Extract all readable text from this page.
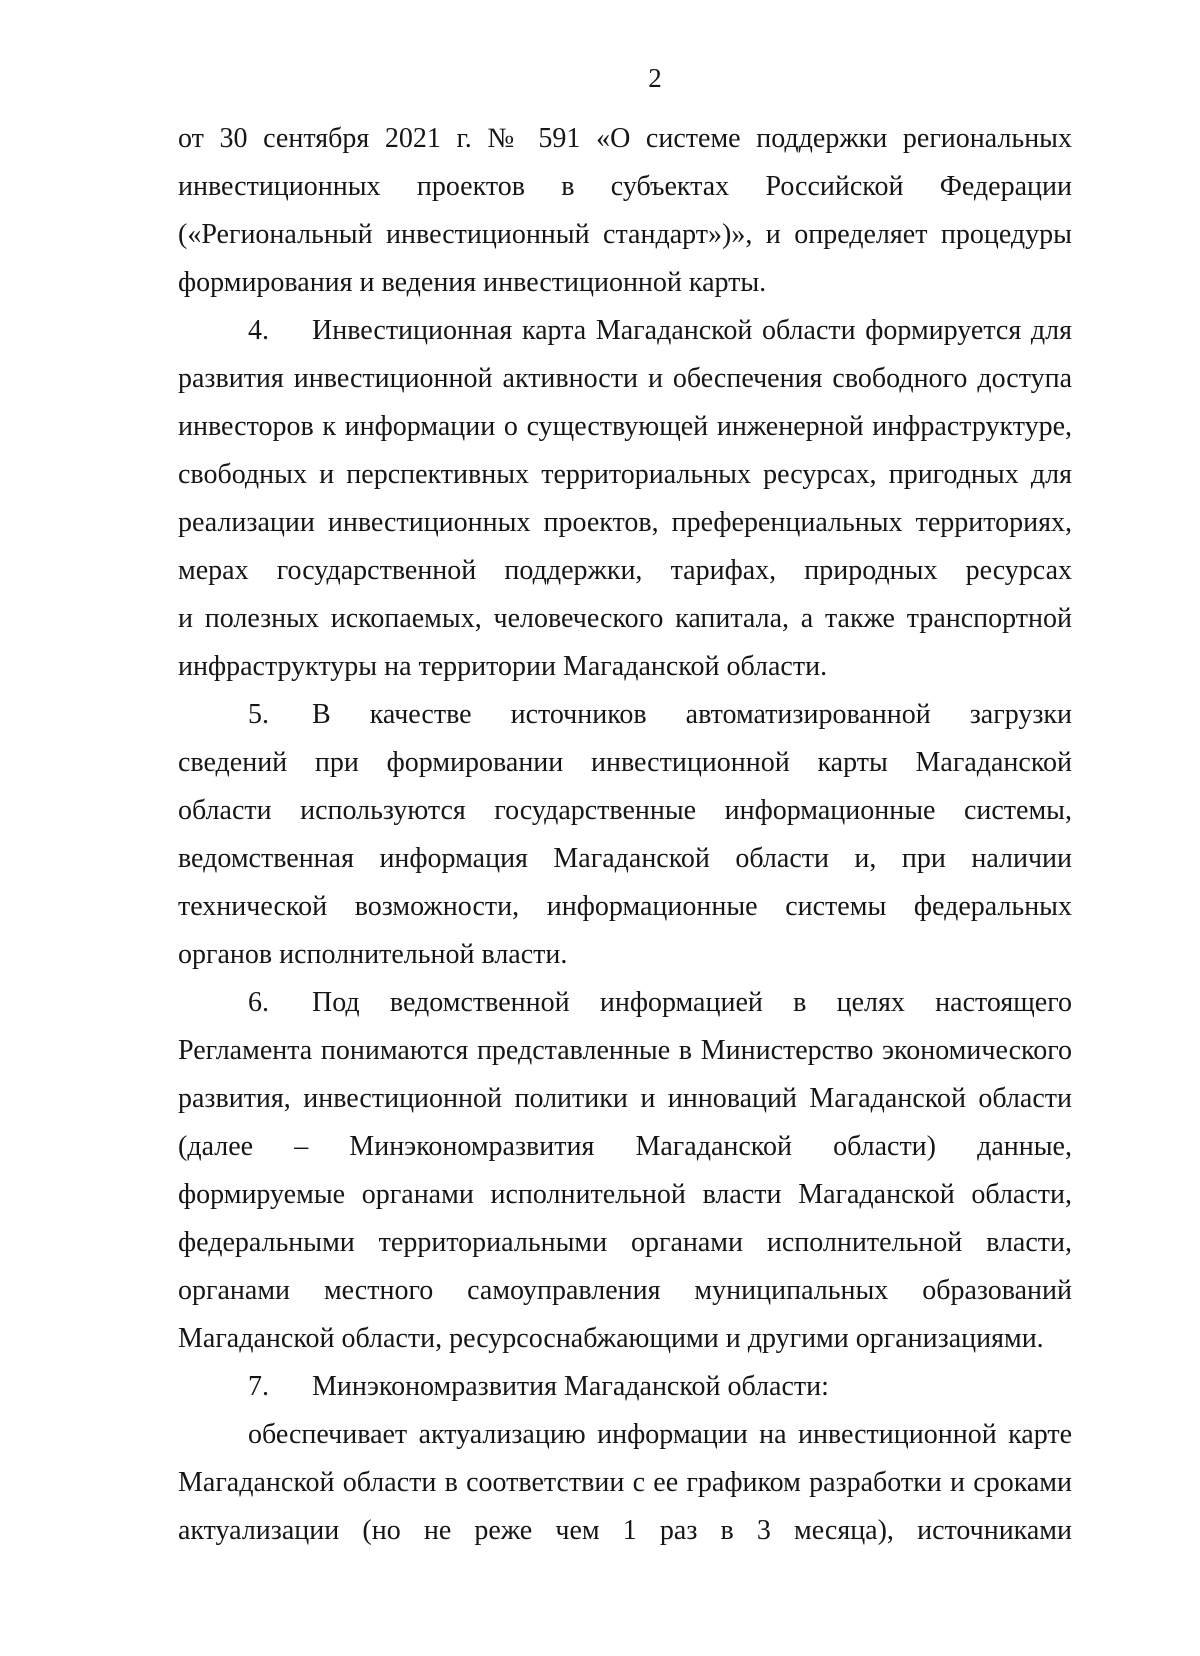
2
от 30 сентября 2021 г. № 591 «О системе поддержки региональных
инвестиционных проектов в субъектах Российской Федерации
(«Региональный инвестиционный стандарт»)», и определяет процедуры
формирования и ведения инвестиционной карты.
4. Инвестиционная карта Магаданской области формируется для
развития инвестиционной активности и обеспечения свободного доступа
инвесторов к информации о существующей инженерной инфраструктуре,
свободных и перспективных территориальных ресурсах, пригодных для
реализации инвестиционных проектов, преференциальных территориях,
мерах государственной поддержки, тарифах, природных ресурсах
и полезных ископаемых, человеческого капитала, а также транспортной
инфраструктуры на территории Магаданской области.
5. В качестве источников автоматизированной загрузки
сведений при формировании инвестиционной карты Магаданской
области используются государственные информационные системы,
ведомственная информация Магаданской области и, при наличии
технической возможности, информационные системы федеральных
органов исполнительной власти.
6. Под ведомственной информацией в целях настоящего
Регламента понимаются представленные в Министерство экономического
развития, инвестиционной политики и инноваций Магаданской области
(далее – Минэкономразвития Магаданской области) данные,
формируемые органами исполнительной власти Магаданской области,
федеральными территориальными органами исполнительной власти,
органами местного самоуправления муниципальных образований
Магаданской области, ресурсоснабжающими и другими организациями.
7. Минэкономразвития Магаданской области:
обеспечивает актуализацию информации на инвестиционной карте
Магаданской области в соответствии с ее графиком разработки и сроками
актуализации (но не реже чем 1 раз в 3 месяца), источниками
